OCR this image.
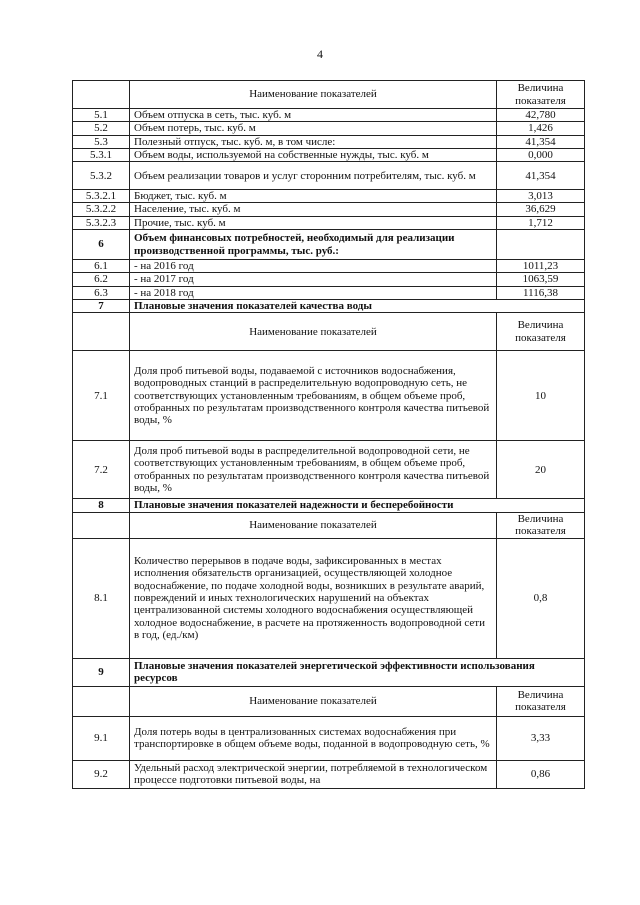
4
	Наименование показателей	Величина показателя
5.1	Объем отпуска в сеть, тыс. куб. м	42,780
5.2	Объем потерь, тыс. куб. м	1,426
5.3	Полезный отпуск, тыс. куб. м, в том числе:	41,354
5.3.1	Объем воды, используемой на собственные нужды, тыс. куб. м	0,000
5.3.2	Объем реализации товаров и услуг сторонним потребителям, тыс. куб. м	41,354
5.3.2.1	Бюджет, тыс. куб. м	3,013
5.3.2.2	Население, тыс. куб. м	36,629
5.3.2.3	Прочие, тыс. куб. м	1,712
6	Объем финансовых потребностей, необходимый для реализации производственной программы, тыс. руб.:	
6.1	- на 2016 год	1011,23
6.2	- на 2017 год	1063,59
6.3	- на 2018 год	1116,38
7	Плановые значения показателей качества воды	
	Наименование показателей	Величина показателя
7.1	Доля проб питьевой воды, подаваемой с источников водоснабжения, водопроводных станций в распределительную водопроводную сеть, не соответствующих установленным требованиям, в общем объеме проб, отобранных по результатам производственного контроля качества питьевой воды, %	10
7.2	Доля проб питьевой воды в распределительной водопроводной сети, не соответствующих установленным требованиям, в общем объеме проб, отобранных по результатам производственного контроля качества питьевой воды, %	20
8	Плановые значения показателей надежности и бесперебойности	
	Наименование показателей	Величина показателя
8.1	Количество перерывов в подаче воды, зафиксированных в местах исполнения обязательств организацией, осуществляющей холодное водоснабжение, по подаче холодной воды, возникших в результате аварий, повреждений и иных технологических нарушений на объектах централизованной системы холодного водоснабжения осуществляющей холодное водоснабжение, в расчете на протяженность водопроводной сети в год, (ед./км)	0,8
9	Плановые значения показателей энергетической эффективности использования ресурсов	
	Наименование показателей	Величина показателя
9.1	Доля потерь воды в централизованных системах водоснабжения при транспортировке в общем объеме воды, поданной в водопроводную сеть, %	3,33
9.2	Удельный расход электрической энергии, потребляемой в технологическом процессе подготовки питьевой воды, на	0,86
